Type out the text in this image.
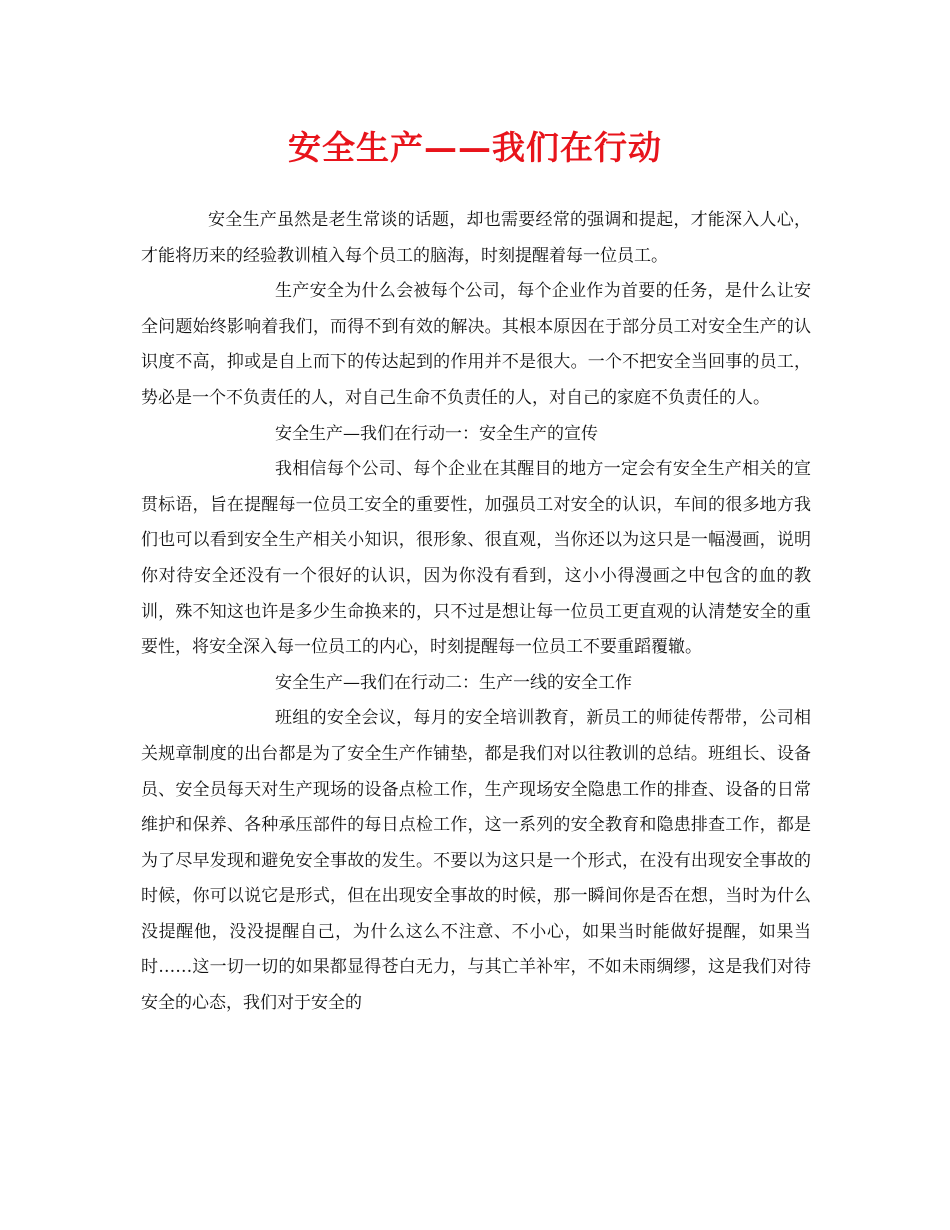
安全生产——我们在行动

安全生产虽然是老生常谈的话题，却也需要经常的强调和提起，才能深入人心，才能将历来的经验教训植入每个员工的脑海，时刻提醒着每一位员工。

生产安全为什么会被每个公司，每个企业作为首要的任务，是什么让安全问题始终影响着我们，而得不到有效的解决。其根本原因在于部分员工对安全生产的认识度不高，抑或是自上而下的传达起到的作用并不是很大。一个不把安全当回事的员工，势必是一个不负责任的人，对自己生命不负责任的人，对自己的家庭不负责任的人。

安全生产—我们在行动一：安全生产的宣传

我相信每个公司、每个企业在其醒目的地方一定会有安全生产相关的宣贯标语，旨在提醒每一位员工安全的重要性，加强员工对安全的认识，车间的很多地方我们也可以看到安全生产相关小知识，很形象、很直观，当你还以为这只是一幅漫画，说明你对待安全还没有一个很好的认识，因为你没有看到，这小小得漫画之中包含的血的教训，殊不知这也许是多少生命换来的，只不过是想让每一位员工更直观的认清楚安全的重要性，将安全深入每一位员工的内心，时刻提醒每一位员工不要重蹈覆辙。

安全生产—我们在行动二：生产一线的安全工作

班组的安全会议，每月的安全培训教育，新员工的师徒传帮带，公司相关规章制度的出台都是为了安全生产作铺垫，都是我们对以往教训的总结。班组长、设备员、安全员每天对生产现场的设备点检工作，生产现场安全隐患工作的排查、设备的日常维护和保养、各种承压部件的每日点检工作，这一系列的安全教育和隐患排查工作，都是为了尽早发现和避免安全事故的发生。不要以为这只是一个形式，在没有出现安全事故的时候，你可以说它是形式，但在出现安全事故的时候，那一瞬间你是否在想，当时为什么没提醒他，没没提醒自己，为什么这么不注意、不小心，如果当时能做好提醒，如果当时……这一切一切的如果都显得苍白无力，与其亡羊补牢，不如未雨绸缪，这是我们对待安全的心态，我们对于安全的
